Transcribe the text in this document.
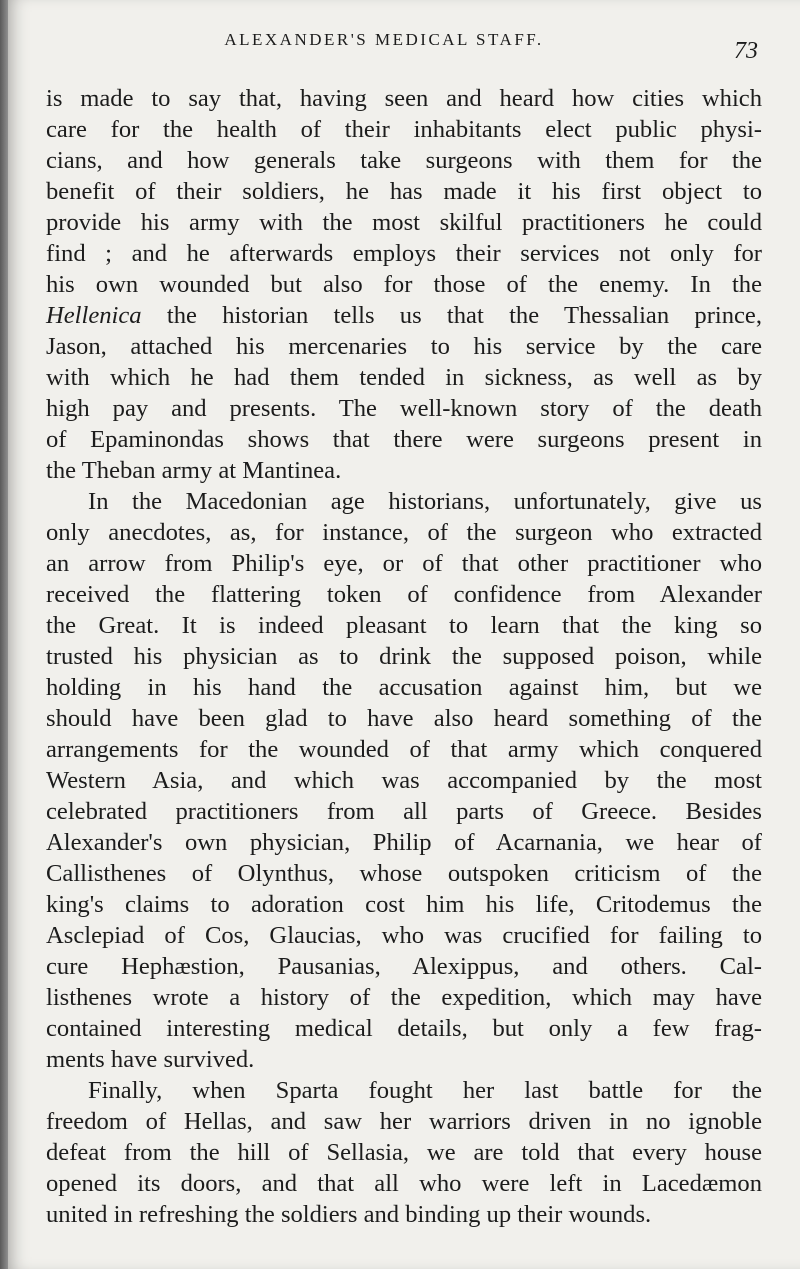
ALEXANDER'S MEDICAL STAFF.	73
is made to say that, having seen and heard how cities which
care for the health of their inhabitants elect public physi-
cians, and how generals take surgeons with them for the
benefit of their soldiers, he has made it his first object to
provide his army with the most skilful practitioners he could
find ; and he afterwards employs their services not only for
his own wounded but also for those of the enemy. In the
Hellenica the historian tells us that the Thessalian prince,
Jason, attached his mercenaries to his service by the care
with which he had them tended in sickness, as well as by
high pay and presents. The well-known story of the death
of Epaminondas shows that there were surgeons present in
the Theban army at Mantinea.
In the Macedonian age historians, unfortunately, give us
only anecdotes, as, for instance, of the surgeon who extracted
an arrow from Philip's eye, or of that other practitioner who
received the flattering token of confidence from Alexander
the Great. It is indeed pleasant to learn that the king so
trusted his physician as to drink the supposed poison, while
holding in his hand the accusation against him, but we
should have been glad to have also heard something of the
arrangements for the wounded of that army which conquered
Western Asia, and which was accompanied by the most
celebrated practitioners from all parts of Greece. Besides
Alexander's own physician, Philip of Acarnania, we hear of
Callisthenes of Olynthus, whose outspoken criticism of the
king's claims to adoration cost him his life, Critodemus the
Asclepiad of Cos, Glaucias, who was crucified for failing to
cure Hephæstion, Pausanias, Alexippus, and others. Cal-
listhenes wrote a history of the expedition, which may have
contained interesting medical details, but only a few frag-
ments have survived.
Finally, when Sparta fought her last battle for the
freedom of Hellas, and saw her warriors driven in no ignoble
defeat from the hill of Sellasia, we are told that every house
opened its doors, and that all who were left in Lacedæmon
united in refreshing the soldiers and binding up their wounds.
